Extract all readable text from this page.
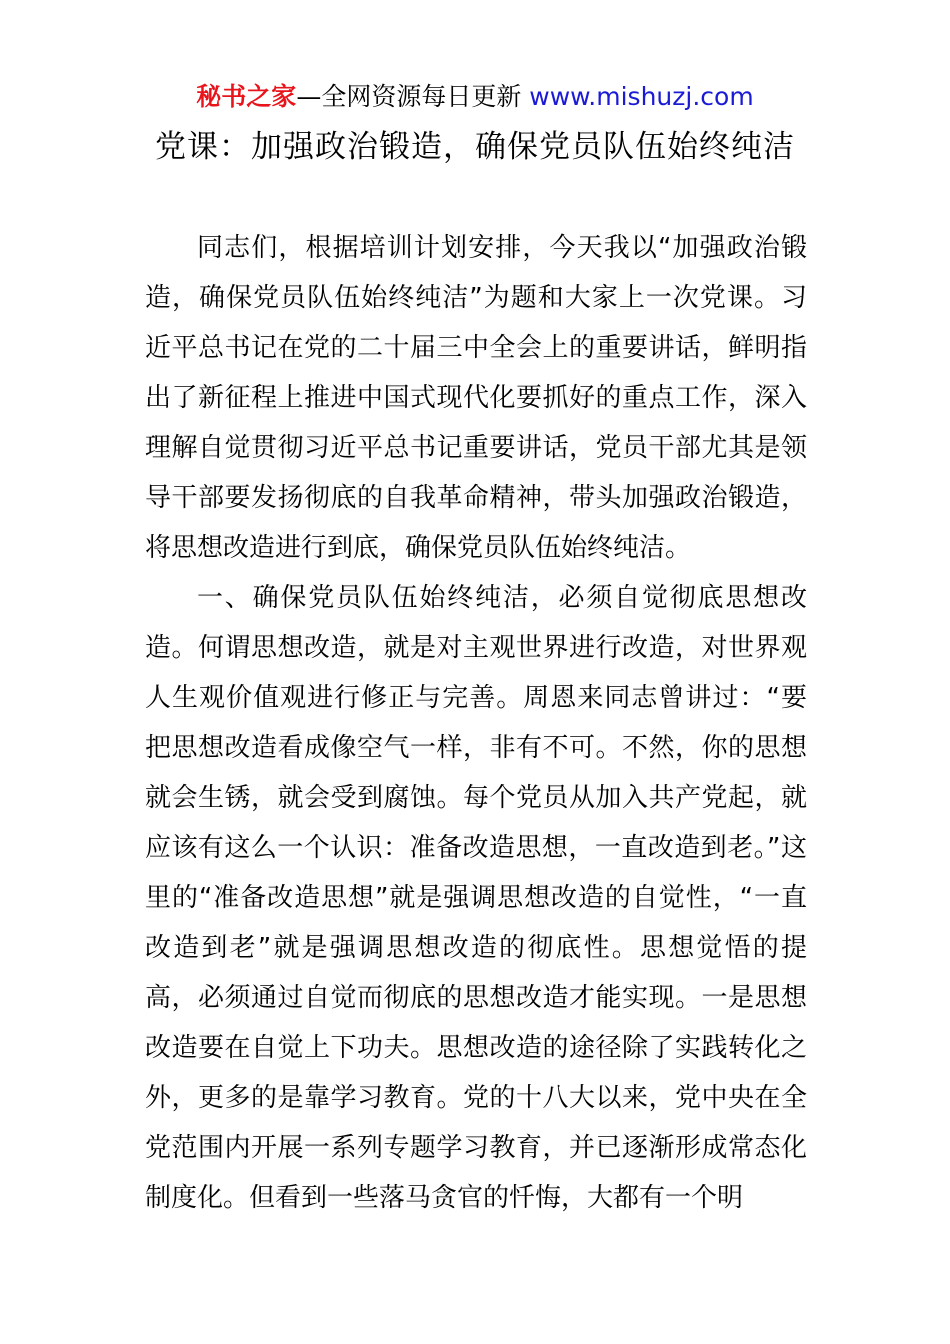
秘书之家—全网资源每日更新 www.mishuzj.com
党课：加强政治锻造，确保党员队伍始终纯洁

同志们，根据培训计划安排，今天我以“加强政治锻造，确保党员队伍始终纯洁”为题和大家上一次党课。习近平总书记在党的二十届三中全会上的重要讲话，鲜明指出了新征程上推进中国式现代化要抓好的重点工作，深入理解自觉贯彻习近平总书记重要讲话，党员干部尤其是领导干部要发扬彻底的自我革命精神，带头加强政治锻造，将思想改造进行到底，确保党员队伍始终纯洁。

一、确保党员队伍始终纯洁，必须自觉彻底思想改造。何谓思想改造，就是对主观世界进行改造，对世界观人生观价值观进行修正与完善。周恩来同志曾讲过：“要把思想改造看成像空气一样，非有不可。不然，你的思想就会生锈，就会受到腐蚀。每个党员从加入共产党起，就应该有这么一个认识：准备改造思想，一直改造到老。”这里的“准备改造思想”就是强调思想改造的自觉性，“一直改造到老”就是强调思想改造的彻底性。思想觉悟的提高，必须通过自觉而彻底的思想改造才能实现。一是思想改造要在自觉上下功夫。思想改造的途径除了实践转化之外，更多的是靠学习教育。党的十八大以来，党中央在全党范围内开展一系列专题学习教育，并已逐渐形成常态化制度化。但看到一些落马贪官的忏悔，大都有一个明
